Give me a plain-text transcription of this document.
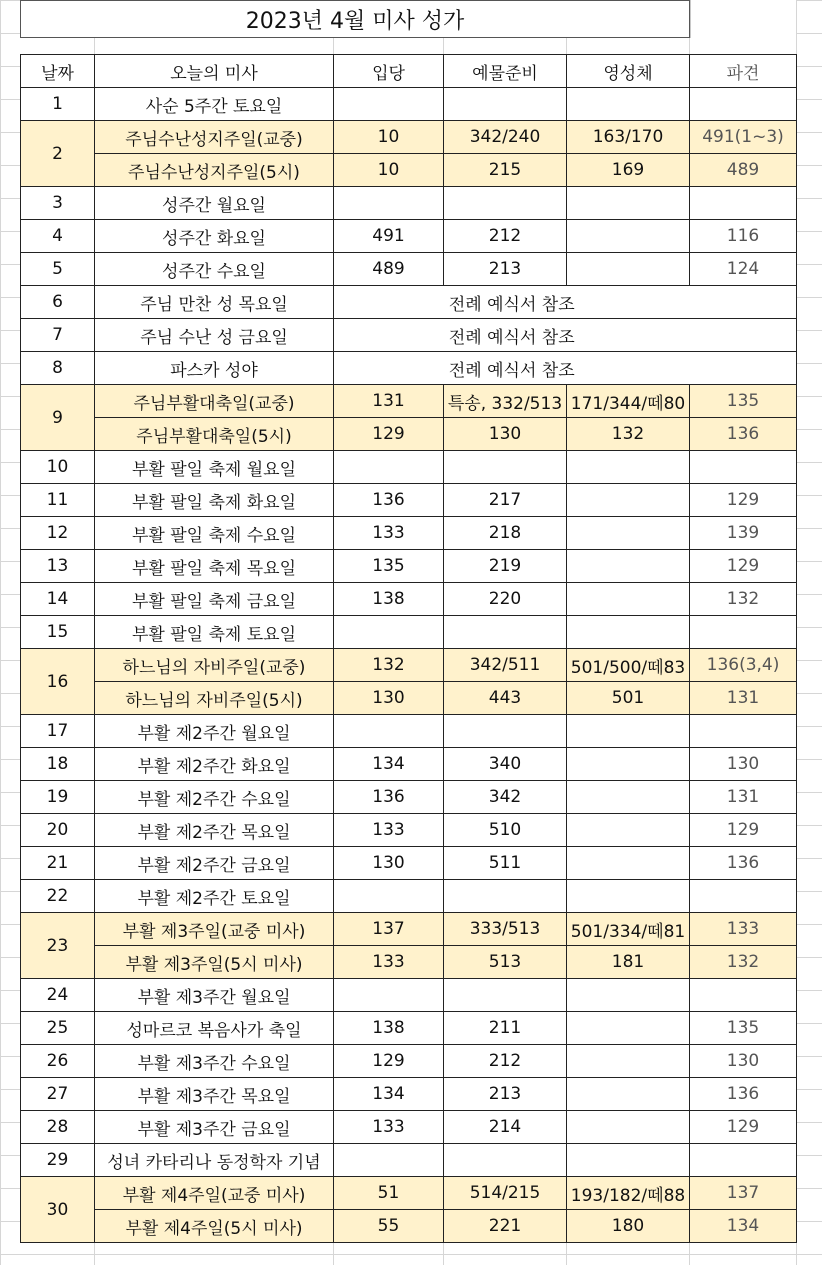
2023년 4월 미사 성가
날짜	오늘의 미사	입당	예물준비	영성체	파견
1	사순 5주간 토요일				
2	주님수난성지주일(교중)	10	342/240	163/170	491(1~3)
	주님수난성지주일(5시)	10	215	169	489
3	성주간 월요일				
4	성주간 화요일	491	212		116
5	성주간 수요일	489	213		124
6	주님 만찬 성 목요일	전례 예식서 참조			
7	주님 수난 성 금요일	전례 예식서 참조			
8	파스카 성야	전례 예식서 참조			
9	주님부활대축일(교중)	131	특송, 332/513	171/344/떼80	135
	주님부활대축일(5시)	129	130	132	136
10	부활 팔일 축제 월요일				
11	부활 팔일 축제 화요일	136	217		129
12	부활 팔일 축제 수요일	133	218		139
13	부활 팔일 축제 목요일	135	219		129
14	부활 팔일 축제 금요일	138	220		132
15	부활 팔일 축제 토요일				
16	하느님의 자비주일(교중)	132	342/511	501/500/떼83	136(3,4)
	하느님의 자비주일(5시)	130	443	501	131
17	부활 제2주간 월요일				
18	부활 제2주간 화요일	134	340		130
19	부활 제2주간 수요일	136	342		131
20	부활 제2주간 목요일	133	510		129
21	부활 제2주간 금요일	130	511		136
22	부활 제2주간 토요일				
23	부활 제3주일(교중 미사)	137	333/513	501/334/떼81	133
	부활 제3주일(5시 미사)	133	513	181	132
24	부활 제3주간 월요일				
25	성마르코 복음사가 축일	138	211		135
26	부활 제3주간 수요일	129	212		130
27	부활 제3주간 목요일	134	213		136
28	부활 제3주간 금요일	133	214		129
29	성녀 카타리나 동정학자 기념				
30	부활 제4주일(교중 미사)	51	514/215	193/182/떼88	137
	부활 제4주일(5시 미사)	55	221	180	134
